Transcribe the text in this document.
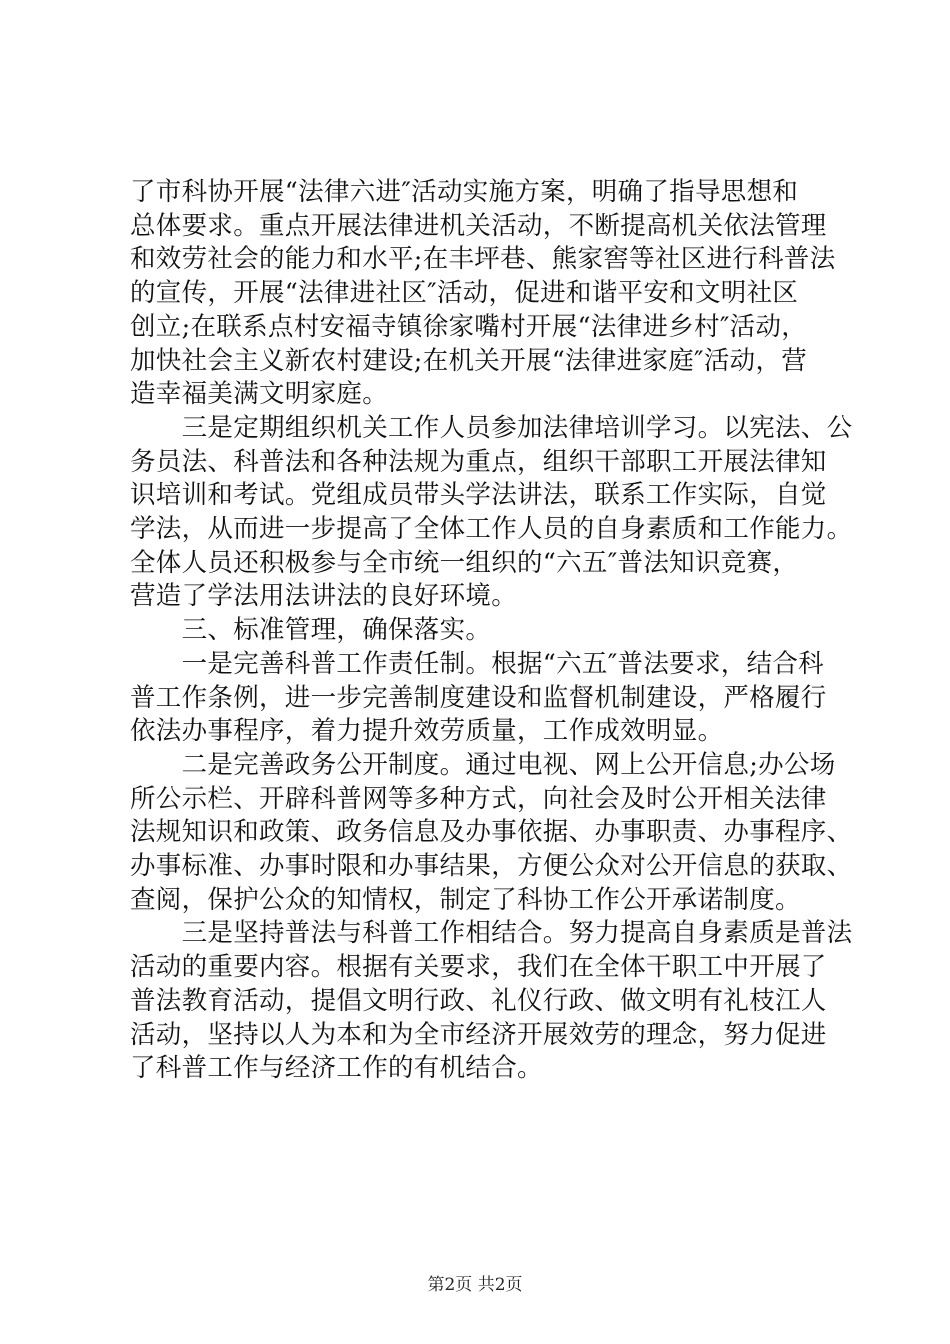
了市科协开展“法律六进″活动实施方案，明确了指导思想和
总体要求。重点开展法律进机关活动，不断提高机关依法管理
和效劳社会的能力和水平;在丰坪巷、熊家窖等社区进行科普法
的宣传，开展“法律进社区″活动，促进和谐平安和文明社区
创立;在联系点村安福寺镇徐家嘴村开展“法律进乡村″活动，
加快社会主义新农村建设;在机关开展“法律进家庭″活动，营
造幸福美满文明家庭。
　　三是定期组织机关工作人员参加法律培训学习。以宪法、公
务员法、科普法和各种法规为重点，组织干部职工开展法律知
识培训和考试。党组成员带头学法讲法，联系工作实际，自觉
学法，从而进一步提高了全体工作人员的自身素质和工作能力。
全体人员还积极参与全市统一组织的“六五″普法知识竞赛，
营造了学法用法讲法的良好环境。
　　三、标准管理，确保落实。
　　一是完善科普工作责任制。根据“六五″普法要求，结合科
普工作条例，进一步完善制度建设和监督机制建设，严格履行
依法办事程序，着力提升效劳质量，工作成效明显。
　　二是完善政务公开制度。通过电视、网上公开信息;办公场
所公示栏、开辟科普网等多种方式，向社会及时公开相关法律
法规知识和政策、政务信息及办事依据、办事职责、办事程序、
办事标准、办事时限和办事结果，方便公众对公开信息的获取、
查阅，保护公众的知情权，制定了科协工作公开承诺制度。
　　三是坚持普法与科普工作相结合。努力提高自身素质是普法
活动的重要内容。根据有关要求，我们在全体干职工中开展了
普法教育活动，提倡文明行政、礼仪行政、做文明有礼枝江人
活动，坚持以人为本和为全市经济开展效劳的理念，努力促进
了科普工作与经济工作的有机结合。
第2页 共2页
